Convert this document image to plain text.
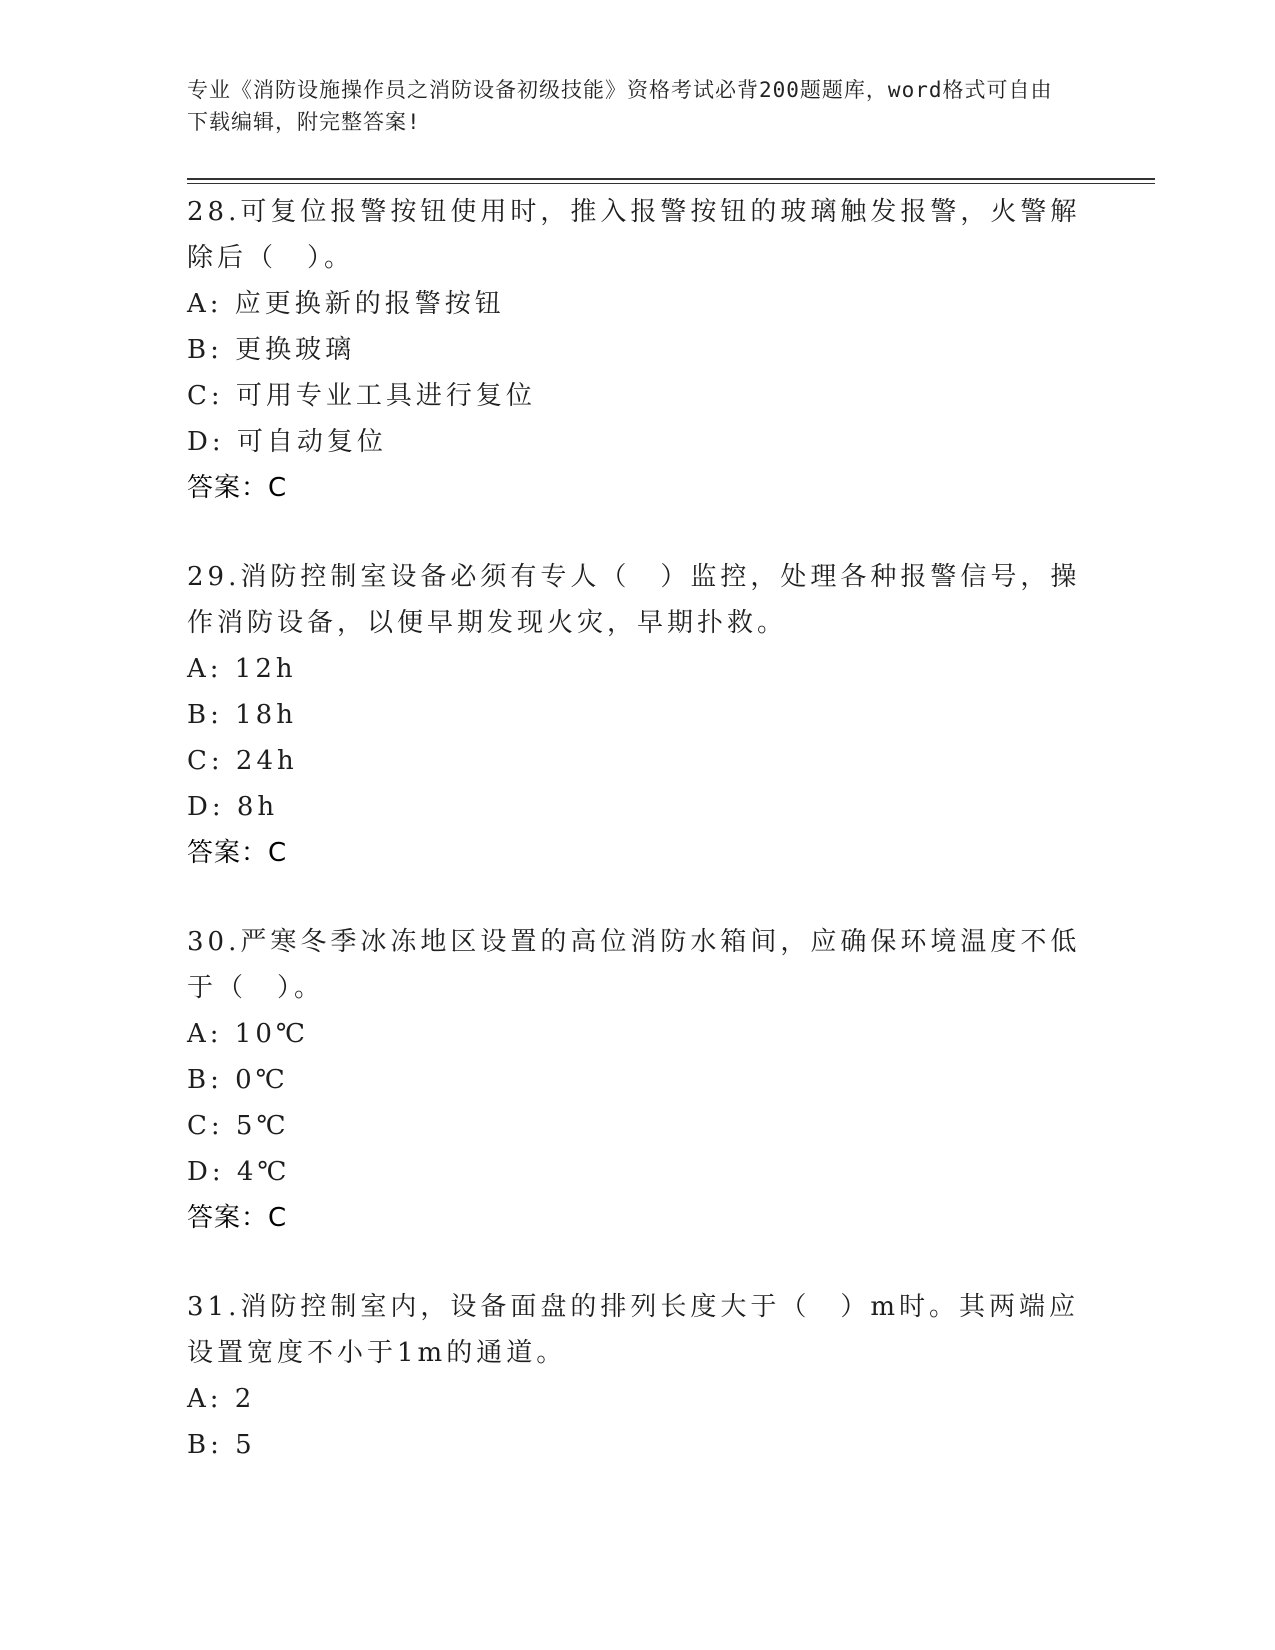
专业《消防设施操作员之消防设备初级技能》资格考试必背200题题库，word格式可自由下载编辑，附完整答案!

28.可复位报警按钮使用时，推入报警按钮的玻璃触发报警，火警解除后（　）。

A: 应更换新的报警按钮

B: 更换玻璃

C: 可用专业工具进行复位

D: 可自动复位

答案：C

29.消防控制室设备必须有专人（　）监控，处理各种报警信号，操作消防设备，以便早期发现火灾，早期扑救。

A: 12h

B: 18h

C: 24h

D: 8h

答案：C

30.严寒冬季冰冻地区设置的高位消防水箱间，应确保环境温度不低于（　）。

A: 10℃

B: 0℃

C: 5℃

D: 4℃

答案：C

31.消防控制室内，设备面盘的排列长度大于（　）m时。其两端应设置宽度不小于1m的通道。

A: 2

B: 5
